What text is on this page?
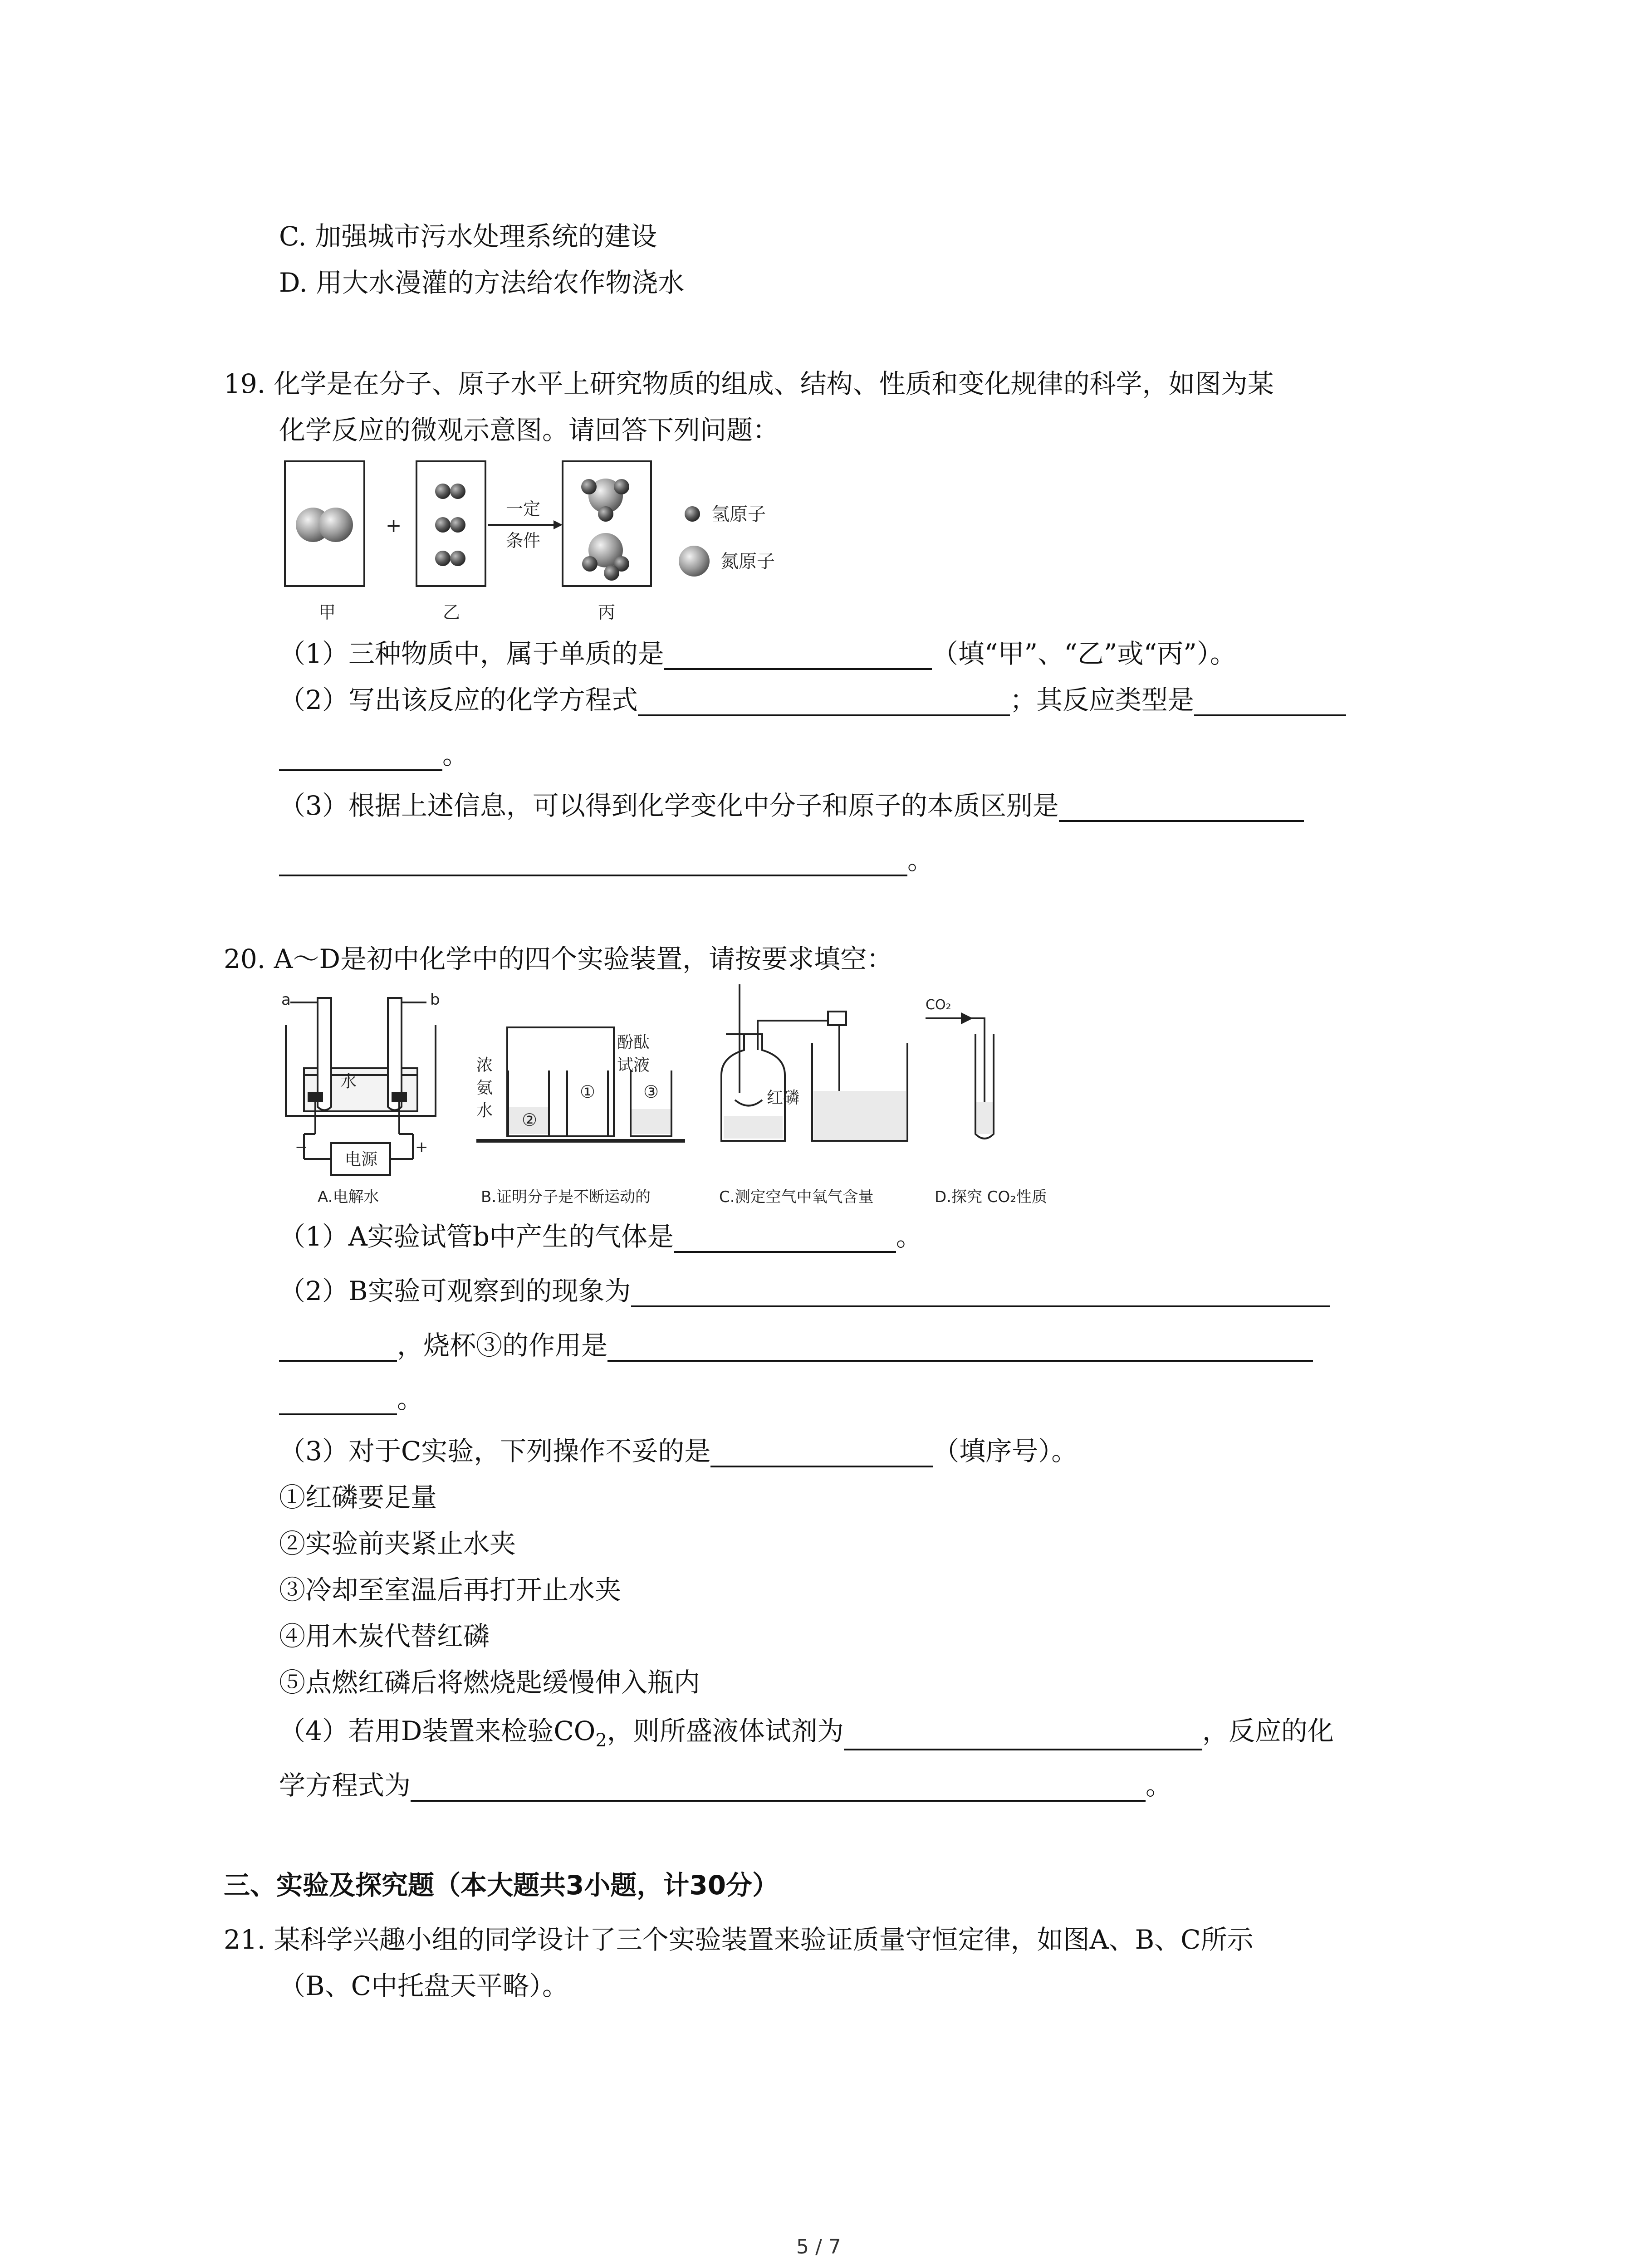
C. 加强城市污水处理系统的建设
D. 用大水漫灌的方法给农作物浇水
19. 化学是在分子、原子水平上研究物质的组成、结构、性质和变化规律的科学，如图为某
化学反应的微观示意图。请回答下列问题：
+
一定
条件
氢原子
氮原子
甲	乙	丙
（1）三种物质中，属于单质的是	（填“甲”、“乙”或“丙”）。
（2）写出该反应的化学方程式	；其反应类型是
。
（3）根据上述信息，可以得到化学变化中分子和原子的本质区别是
。
20. A～D是初中化学中的四个实验装置，请按要求填空：
a	b
水
电源
−	+
浓
氨
水
酚酞
试液
①
②
③	红磷
CO₂
A.电解水	B.证明分子是不断运动的	C.测定空气中氧气含量	D.探究 CO₂性质
（1）A实验试管b中产生的气体是	。
（2）B实验可观察到的现象为
，烧杯③的作用是
。
（3）对于C实验，下列操作不妥的是	（填序号）。
①红磷要足量
②实验前夹紧止水夹
③冷却至室温后再打开止水夹
④用木炭代替红磷
⑤点燃红磷后将燃烧匙缓慢伸入瓶内
（4）若用D装置来检验$CO_2$，则所盛液体试剂为	，反应的化
学方程式为	。
三、实验及探究题（本大题共3小题，计30分）
21. 某科学兴趣小组的同学设计了三个实验装置来验证质量守恒定律，如图A、B、C所示
（B、C中托盘天平略）。
5 / 7
